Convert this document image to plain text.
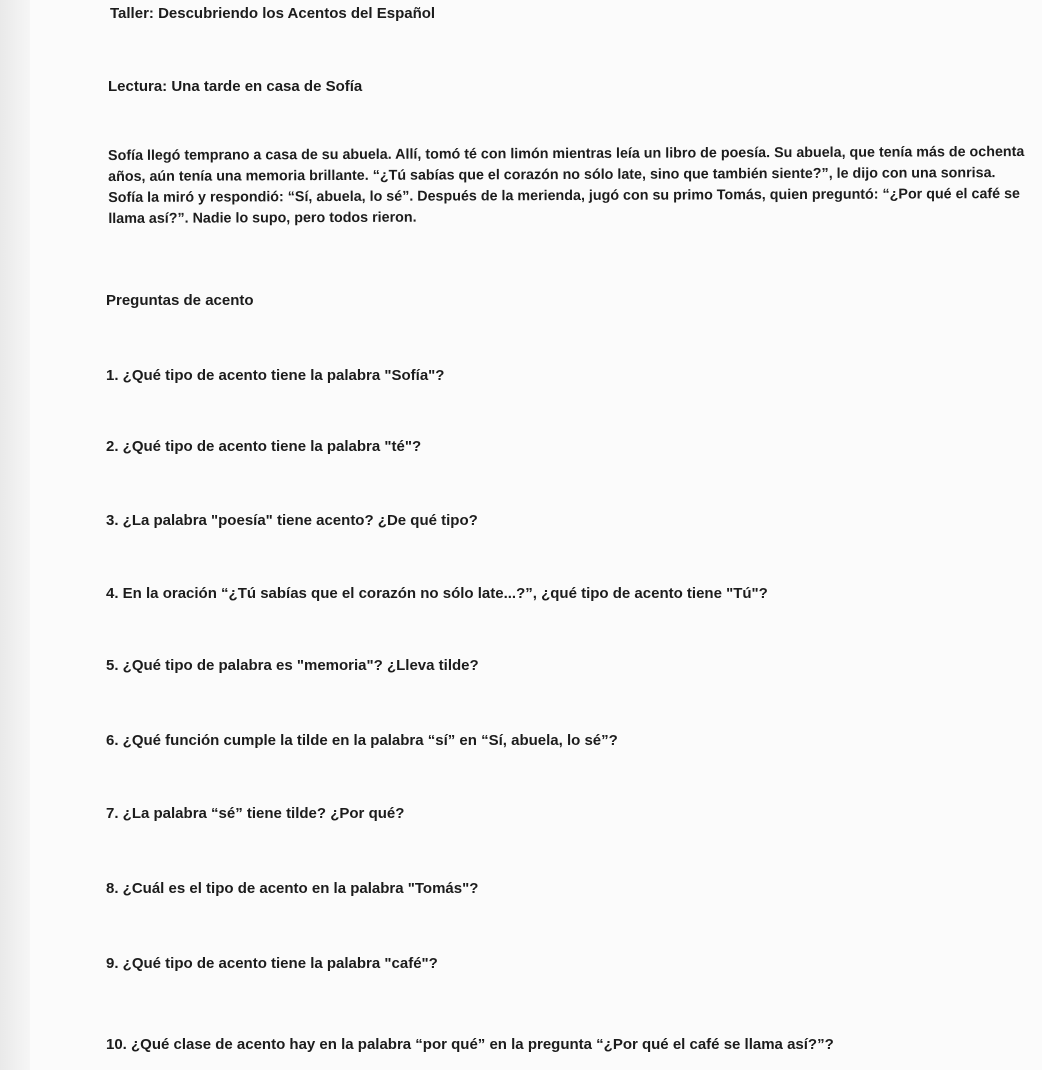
Taller: Descubriendo los Acentos del Español
Lectura: Una tarde en casa de Sofía
Sofía llegó temprano a casa de su abuela. Allí, tomó té con limón mientras leía un libro de poesía. Su abuela, que tenía más de ochenta años, aún tenía una memoria brillante. “¿Tú sabías que el corazón no sólo late, sino que también siente?”, le dijo con una sonrisa. Sofía la miró y respondió: “Sí, abuela, lo sé”. Después de la merienda, jugó con su primo Tomás, quien preguntó: “¿Por qué el café se llama así?”. Nadie lo supo, pero todos rieron.
Preguntas de acento
1. ¿Qué tipo de acento tiene la palabra "Sofía"?
2. ¿Qué tipo de acento tiene la palabra "té"?
3. ¿La palabra "poesía" tiene acento? ¿De qué tipo?
4. En la oración “¿Tú sabías que el corazón no sólo late...?”, ¿qué tipo de acento tiene "Tú"?
5. ¿Qué tipo de palabra es "memoria"? ¿Lleva tilde?
6. ¿Qué función cumple la tilde en la palabra “sí” en “Sí, abuela, lo sé”?
7. ¿La palabra “sé” tiene tilde? ¿Por qué?
8. ¿Cuál es el tipo de acento en la palabra "Tomás"?
9. ¿Qué tipo de acento tiene la palabra "café"?
10. ¿Qué clase de acento hay en la palabra “por qué” en la pregunta “¿Por qué el café se llama así?”?
